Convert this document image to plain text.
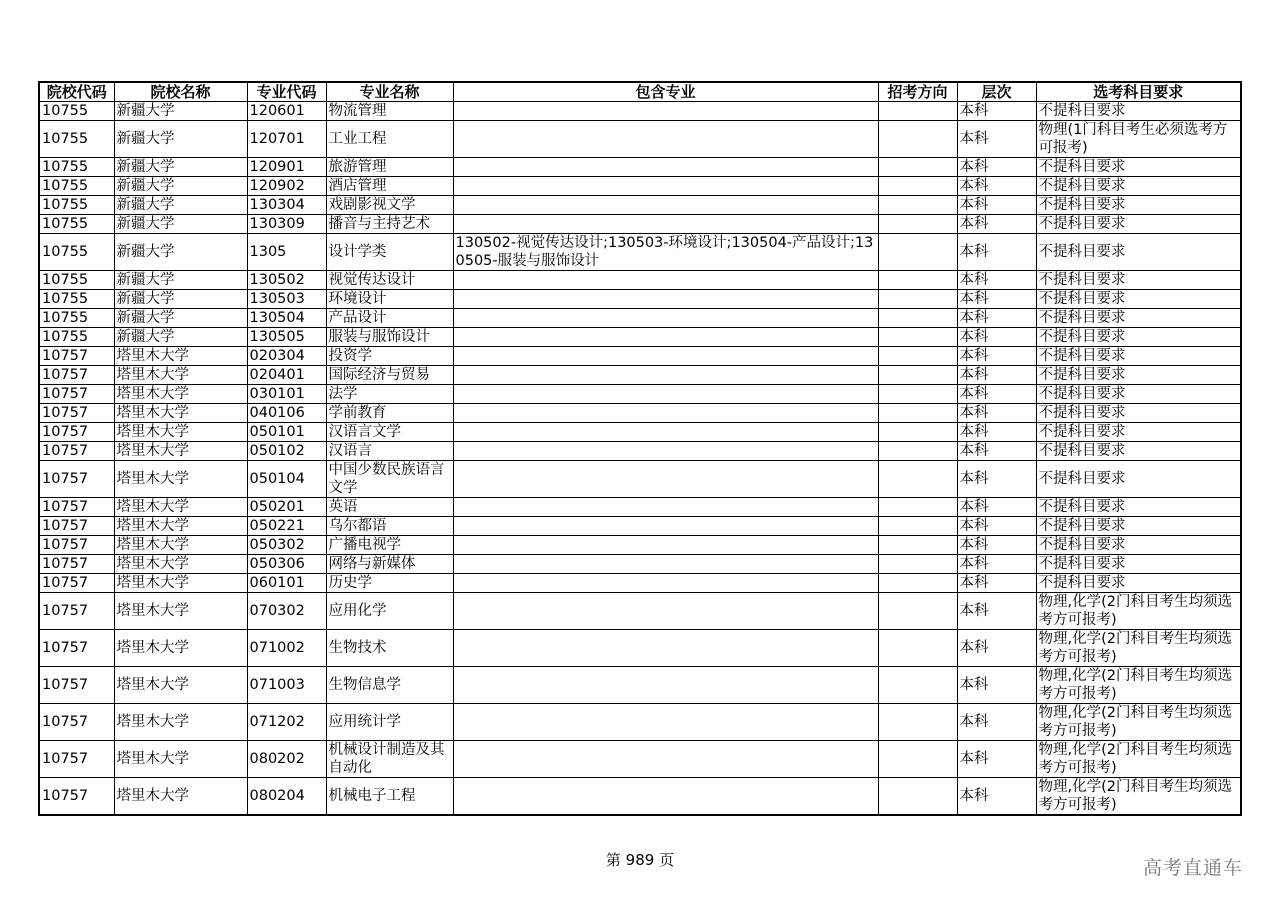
院校代码	院校名称	专业代码	专业名称	包含专业	招考方向	层次	选考科目要求
10755	新疆大学	120601	物流管理			本科	不提科目要求
10755	新疆大学	120701	工业工程			本科	物理(1门科目考生必须选考方可报考)
10755	新疆大学	120901	旅游管理			本科	不提科目要求
10755	新疆大学	120902	酒店管理			本科	不提科目要求
10755	新疆大学	130304	戏剧影视文学			本科	不提科目要求
10755	新疆大学	130309	播音与主持艺术			本科	不提科目要求
10755	新疆大学	1305	设计学类	130502-视觉传达设计;130503-环境设计;130504-产品设计;130505-服装与服饰设计		本科	不提科目要求
10755	新疆大学	130502	视觉传达设计			本科	不提科目要求
10755	新疆大学	130503	环境设计			本科	不提科目要求
10755	新疆大学	130504	产品设计			本科	不提科目要求
10755	新疆大学	130505	服装与服饰设计			本科	不提科目要求
10757	塔里木大学	020304	投资学			本科	不提科目要求
10757	塔里木大学	020401	国际经济与贸易			本科	不提科目要求
10757	塔里木大学	030101	法学			本科	不提科目要求
10757	塔里木大学	040106	学前教育			本科	不提科目要求
10757	塔里木大学	050101	汉语言文学			本科	不提科目要求
10757	塔里木大学	050102	汉语言			本科	不提科目要求
10757	塔里木大学	050104	中国少数民族语言文学			本科	不提科目要求
10757	塔里木大学	050201	英语			本科	不提科目要求
10757	塔里木大学	050221	乌尔都语			本科	不提科目要求
10757	塔里木大学	050302	广播电视学			本科	不提科目要求
10757	塔里木大学	050306	网络与新媒体			本科	不提科目要求
10757	塔里木大学	060101	历史学			本科	不提科目要求
10757	塔里木大学	070302	应用化学			本科	物理,化学(2门科目考生均须选考方可报考)
10757	塔里木大学	071002	生物技术			本科	物理,化学(2门科目考生均须选考方可报考)
10757	塔里木大学	071003	生物信息学			本科	物理,化学(2门科目考生均须选考方可报考)
10757	塔里木大学	071202	应用统计学			本科	物理,化学(2门科目考生均须选考方可报考)
10757	塔里木大学	080202	机械设计制造及其自动化			本科	物理,化学(2门科目考生均须选考方可报考)
10757	塔里木大学	080204	机械电子工程			本科	物理,化学(2门科目考生均须选考方可报考)
第 989 页	高考直通车
